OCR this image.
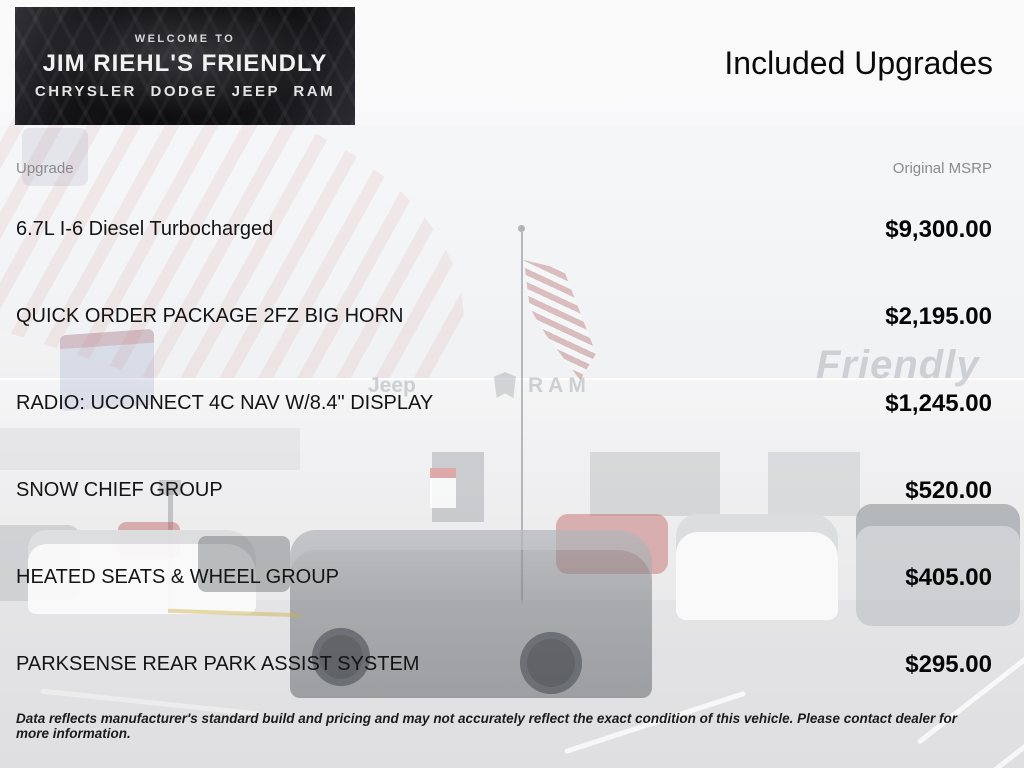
Friendly
Jeep	RAM
WELCOME TO
JIM RIEHL'S FRIENDLY
CHRYSLER DODGE JEEP RAM
Included Upgrades
Upgrade	Original MSRP
6.7L I-6 Diesel Turbocharged	$9,300.00
QUICK ORDER PACKAGE 2FZ BIG HORN	$2,195.00
RADIO: UCONNECT 4C NAV W/8.4" DISPLAY	$1,245.00
SNOW CHIEF GROUP	$520.00
HEATED SEATS & WHEEL GROUP	$405.00
PARKSENSE REAR PARK ASSIST SYSTEM	$295.00
Data reflects manufacturer's standard build and pricing and may not accurately reflect the exact condition of this vehicle. Please contact dealer for more information.
